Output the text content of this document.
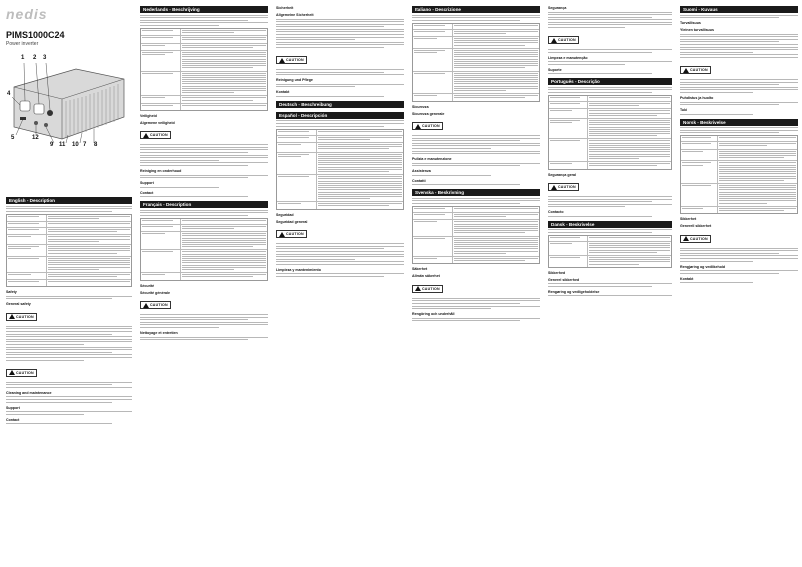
nedis
PIMS1000C24
Power inverter
1 2 3
4
5	12
9 11 10 7 8
English - Description
Safety
General safety
CAUTION
CAUTION
Cleaning and maintenance
Support
Contact
Nederlands - Beschrijving
Veiligheid
Algemene veiligheid
CAUTION
Reiniging en onderhoud
Support
Contact
Français - Description
Sécurité
Sécurité générale
CAUTION
Nettoyage et entretien
Sicherheit
Allgemeine Sicherheit
CAUTION
Reinigung und Pflege
Kontakt
Deutsch - Beschreibung
Español - Descripción
Seguridad
Seguridad general
CAUTION
Limpieza y mantenimiento
Italiano - Descrizione
Sicurezza
Sicurezza generale
CAUTION
Pulizia e manutenzione
Assistenza
Contatti
Svenska - Beskrivning
Säkerhet
Allmän säkerhet
CAUTION
Rengöring och underhåll
Segurança
CAUTION
Limpeza e manutenção
Suporte
Português - Descrição
Segurança geral
CAUTION
Contacto
Dansk - Beskrivelse
Sikkerhed
Generel sikkerhed
Rengøring og vedligeholdelse
Suomi - Kuvaus
Turvallisuus
Yleinen turvallisuus
CAUTION
Puhdistus ja huolto
Tuki
Norsk - Beskrivelse
Sikkerhet
Generell sikkerhet
CAUTION
Rengjøring og vedlikehold
Kontakt
